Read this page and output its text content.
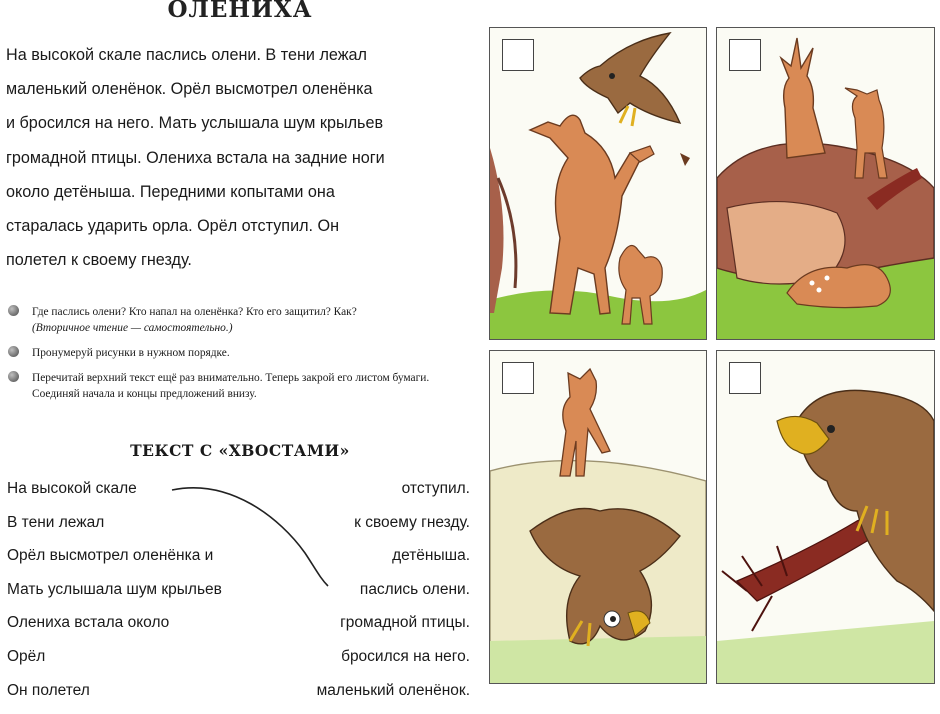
ОЛЕНИХА

На высокой скале паслись олени. В тени лежал
маленький оленёнок. Орёл высмотрел оленёнка
и бросился на него. Мать услышала шум крыльев
громадной птицы. Олениха встала на задние ноги
около детёныша. Передними копытами она
старалась ударить орла. Орёл отступил. Он
полетел к своему гнезду.

Где паслись олени? Кто напал на оленёнка? Кто его защитил? Как?
(Вторичное чтение — самостоятельно.)
Пронумеруй рисунки в нужном порядке.
Перечитай верхний текст ещё раз внимательно. Теперь закрой его листом бумаги. Соединяй начала и концы предложений внизу.
ТЕКСТ С «ХВОСТАМИ»
На высокой скале
В тени лежал
Орёл высмотрел оленёнка и
Мать услышала шум крыльев
Олениха встала около
Орёл
Он полетел
отступил.
к своему гнезду.
детёныша.
паслись олени.
громадной птицы.
бросился на него.
маленький оленёнок.
